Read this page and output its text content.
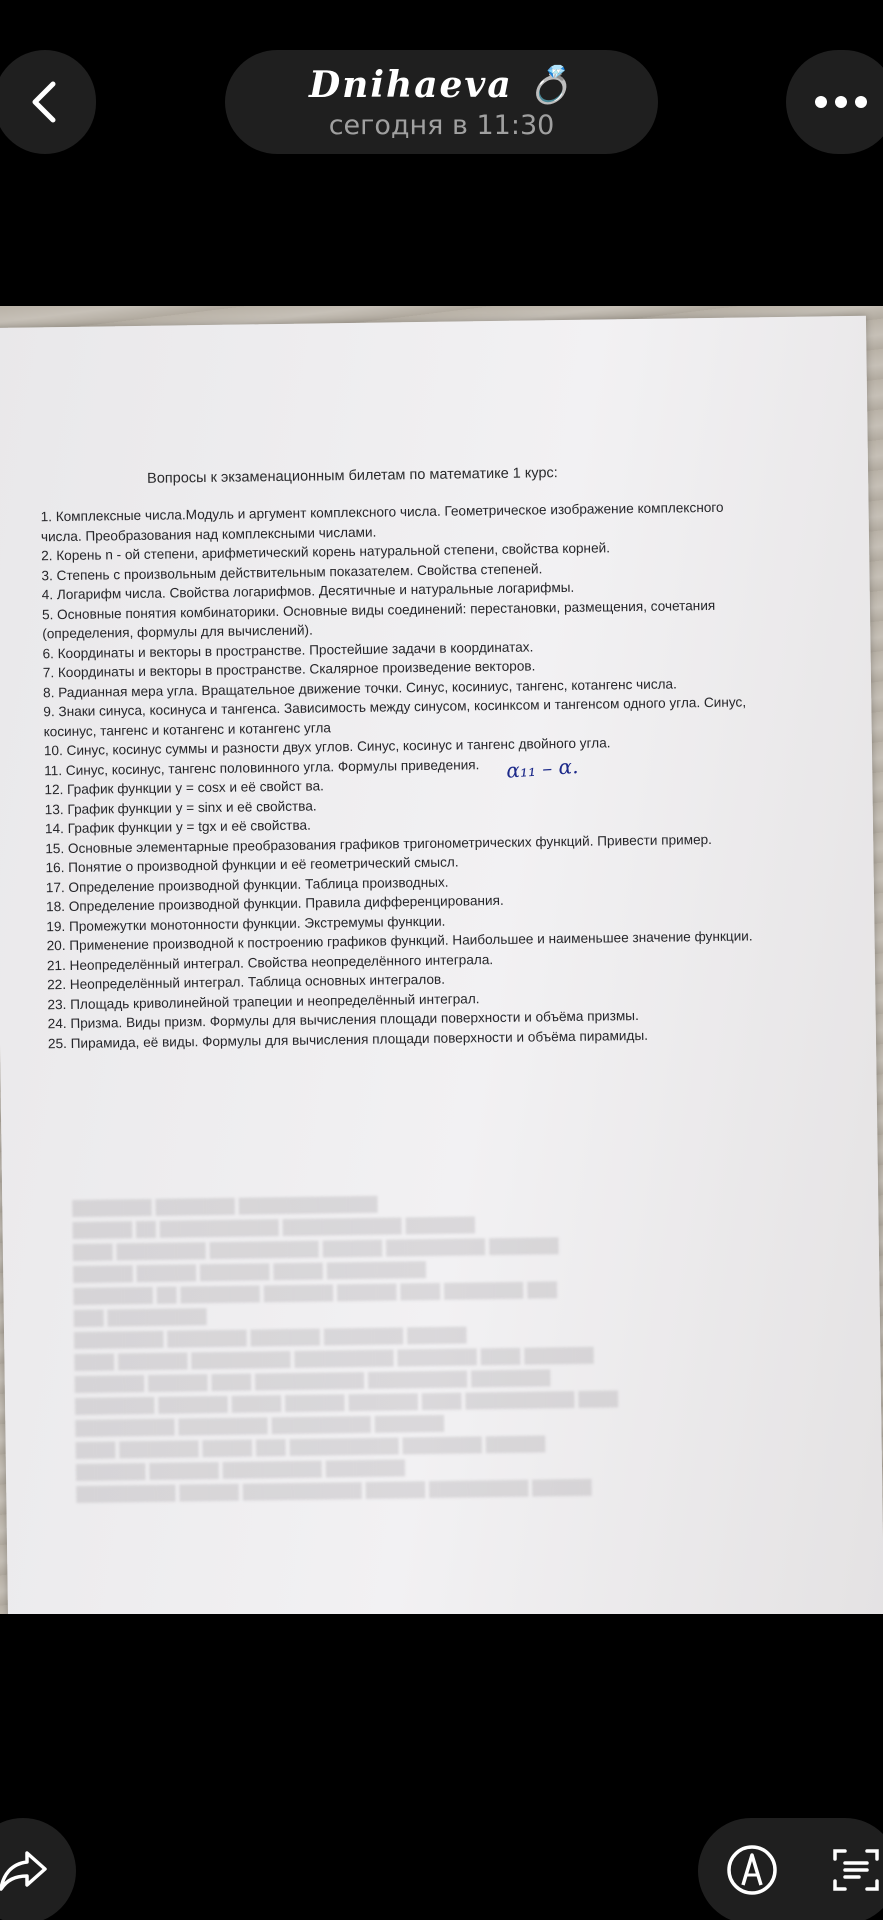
Dnihaeva 💍
сегодня в 11:30
Вопросы к экзаменационным билетам по математике 1 курс:
1. Комплексные числа.Модуль и аргумент комплексного числа. Геометрическое изображение комплексного числа. Преобразования над комплексными числами.
2. Корень n - ой степени, арифметический корень натуральной степени, свойства корней.
3. Степень с произвольным действительным показателем. Свойства степеней.
4. Логарифм числа. Свойства логарифмов. Десятичные и натуральные логарифмы.
5. Основные понятия комбинаторики. Основные виды соединений: перестановки, размещения, сочетания (определения, формулы для вычислений).
6. Координаты и векторы в пространстве. Простейшие задачи в координатах.
7. Координаты и векторы в пространстве. Скалярное произведение векторов.
8. Радианная мера угла. Вращательное движение точки. Синус, косиниус, тангенс, котангенс числа.
9. Знаки синуса, косинуса и тангенса. Зависимость между синусом, косинксом и тангенсом одного угла. Синус, косинус, тангенс и котангенс и котангенс угла
10. Синус, косинус суммы и разности двух углов. Синус, косинус и тангенс двойного угла.
11. Синус, косинус, тангенс половинного угла. Формулы приведения.
12. График функции y = cosx и её свойст ва.
13. График функции y = sinx и её свойства.
14. График функции y = tgx и её свойства.
15. Основные элементарные преобразования графиков тригонометрических функций. Привести пример.
16. Понятие о производной функции и её геометрический смысл.
17. Определение производной функции. Таблица производных.
18. Определение производной функции. Правила дифференцирования.
19. Промежутки монотонности функции. Экстремумы функции.
20. Применение производной к построению графиков функций. Наибольшее и наименьшее значение функции.
21. Неопределённый интеграл. Свойства неопределённого интеграла.
22. Неопределённый интеграл. Таблица основных интегралов.
23. Площадь криволинейной трапеции и неопределённый интеграл.
24. Призма. Виды призм. Формулы для вычисления площади поверхности и объёма призмы.
25. Пирамида, её виды. Формулы для вычисления площади поверхности и объёма пирамиды.
α₁₁ – α.
████████ ████████ ██████████████
██████ ██ ████████████ ████████████ ███████
████ █████████ ███████████ ██████ ██████████ ███████
██████ ██████ ███████ █████ ██████████
████████ ██ ████████ ███████ ██████ ████ ████████ ███
███ ██████████
█████████ ████████ ███████ ████████ ██████
████ ███████ ██████████ ██████████ ████████ ████ ███████
███████ ██████ ████ ███████████ ██████████ ████████
████████ ███████ █████ ██████ ███████ ████ ███████████ ████
██████████ █████████ ██████████ ███████
████ ████████ █████ ███ ███████████ ████████ ██████
███████ ███████ ██████████ ████████
██████████ ██████ ████████████ ██████ ██████████ ██████
